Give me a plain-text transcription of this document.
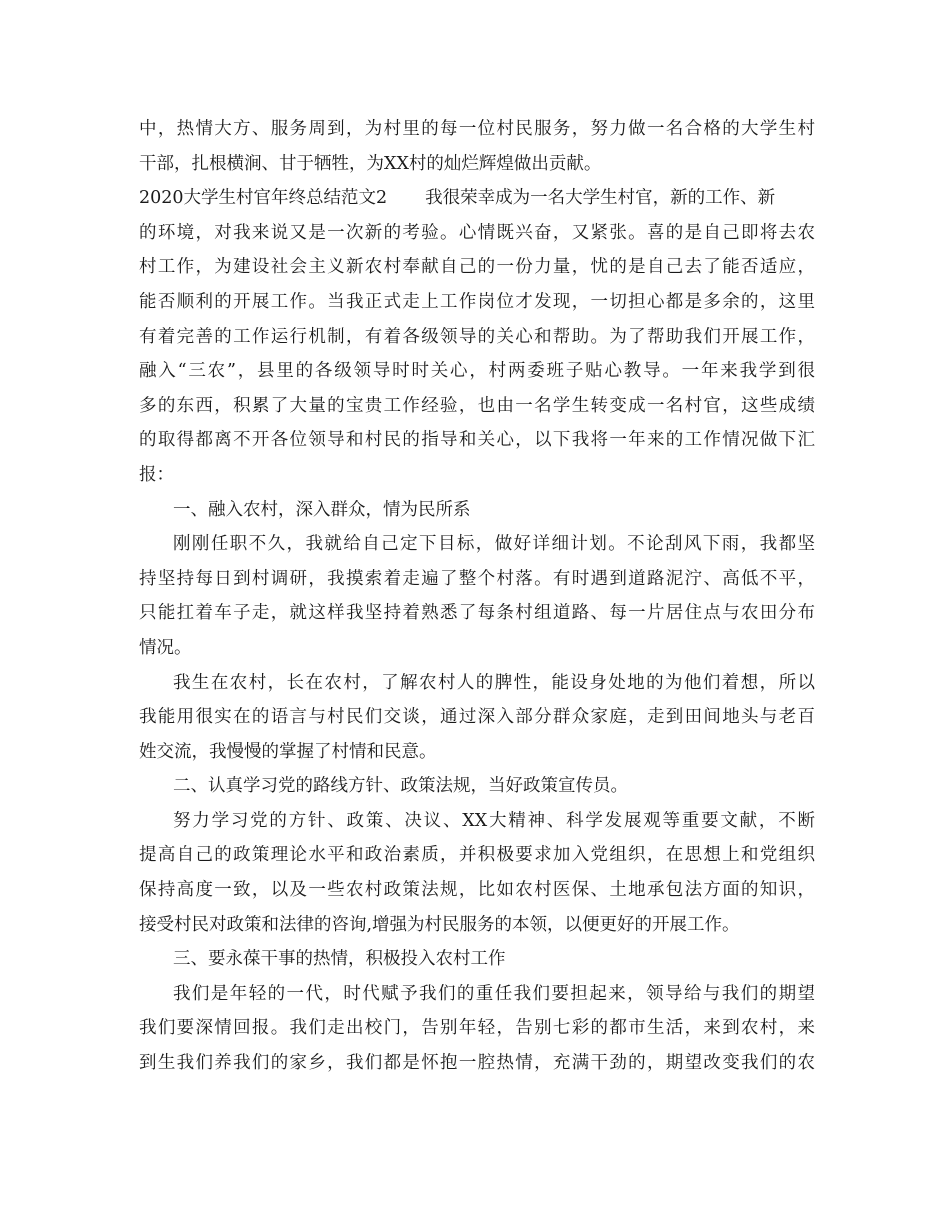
中，热情大方、服务周到，为村里的每一位村民服务，努力做一名合格的大学生村
干部，扎根横涧、甘于牺牲，为XX村的灿烂辉煌做出贡献。
2020大学生村官年终总结范文2 我很荣幸成为一名大学生村官，新的工作、新
的环境，对我来说又是一次新的考验。心情既兴奋，又紧张。喜的是自己即将去农
村工作，为建设社会主义新农村奉献自己的一份力量，忧的是自己去了能否适应，
能否顺利的开展工作。当我正式走上工作岗位才发现，一切担心都是多余的，这里
有着完善的工作运行机制，有着各级领导的关心和帮助。为了帮助我们开展工作，
融入“三农”，县里的各级领导时时关心，村两委班子贴心教导。一年来我学到很
多的东西，积累了大量的宝贵工作经验，也由一名学生转变成一名村官，这些成绩
的取得都离不开各位领导和村民的指导和关心，以下我将一年来的工作情况做下汇
报：
一、融入农村，深入群众，情为民所系
刚刚任职不久，我就给自己定下目标，做好详细计划。不论刮风下雨，我都坚
持坚持每日到村调研，我摸索着走遍了整个村落。有时遇到道路泥泞、高低不平，
只能扛着车子走，就这样我坚持着熟悉了每条村组道路、每一片居住点与农田分布
情况。
我生在农村，长在农村，了解农村人的脾性，能设身处地的为他们着想，所以
我能用很实在的语言与村民们交谈，通过深入部分群众家庭，走到田间地头与老百
姓交流，我慢慢的掌握了村情和民意。
二、认真学习党的路线方针、政策法规，当好政策宣传员。
努力学习党的方针、政策、决议、XX大精神、科学发展观等重要文献，不断
提高自己的政策理论水平和政治素质，并积极要求加入党组织，在思想上和党组织
保持高度一致，以及一些农村政策法规，比如农村医保、土地承包法方面的知识，
接受村民对政策和法律的咨询,增强为村民服务的本领，以便更好的开展工作。
三、要永葆干事的热情，积极投入农村工作
我们是年轻的一代，时代赋予我们的重任我们要担起来，领导给与我们的期望
我们要深情回报。我们走出校门，告别年轻，告别七彩的都市生活，来到农村，来
到生我们养我们的家乡，我们都是怀抱一腔热情，充满干劲的，期望改变我们的农
